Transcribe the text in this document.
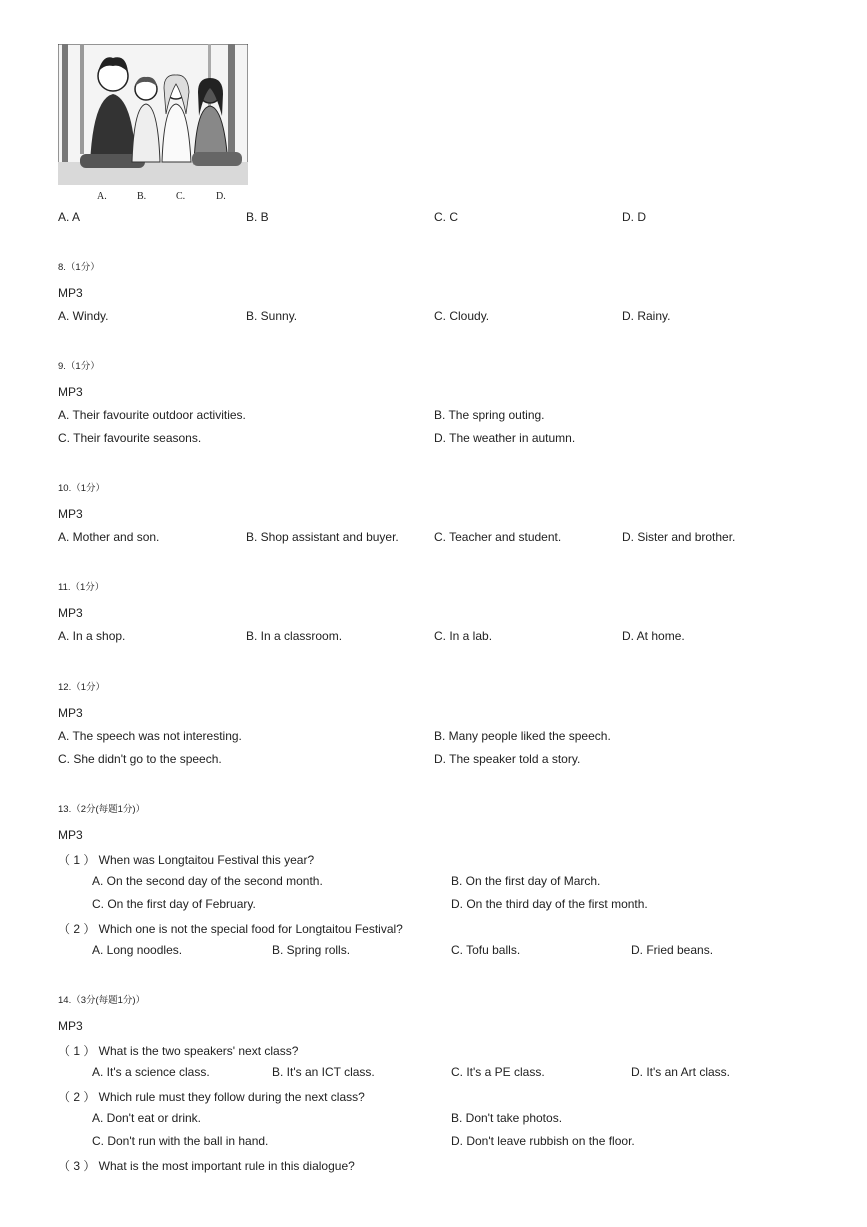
A.	B.	C.	D.
A. A	B. B	C. C	D. D
8.（1分）
MP3
A. Windy.	B. Sunny.	C. Cloudy.	D. Rainy.
9.（1分）
MP3
A. Their favourite outdoor activities.	B. The spring outing.
C. Their favourite seasons.	D. The weather in autumn.
10.（1分）
MP3
A. Mother and son.	B. Shop assistant and buyer.	C. Teacher and student.	D. Sister and brother.
11.（1分）
MP3
A. In a shop.	B. In a classroom.	C. In a lab.	D. At home.
12.（1分）
MP3
A. The speech was not interesting.	B. Many people liked the speech.
C. She didn't go to the speech.	D. The speaker told a story.
13.（2分(每题1分)）
MP3
（ 1 ） When was Longtaitou Festival this year?
A. On the second day of the second month.	B. On the first day of March.
C. On the first day of February.	D. On the third day of the first month.
（ 2 ） Which one is not the special food for Longtaitou Festival?
A. Long noodles.	B. Spring rolls.	C. Tofu balls.	D. Fried beans.
14.（3分(每题1分)）
MP3
（ 1 ） What is the two speakers' next class?
A. It's a science class.	B. It's an ICT class.	C. It's a PE class.	D. It's an Art class.
（ 2 ） Which rule must they follow during the next class?
A. Don't eat or drink.	B. Don't take photos.
C. Don't run with the ball in hand.	D. Don't leave rubbish on the floor.
（ 3 ） What is the most important rule in this dialogue?
